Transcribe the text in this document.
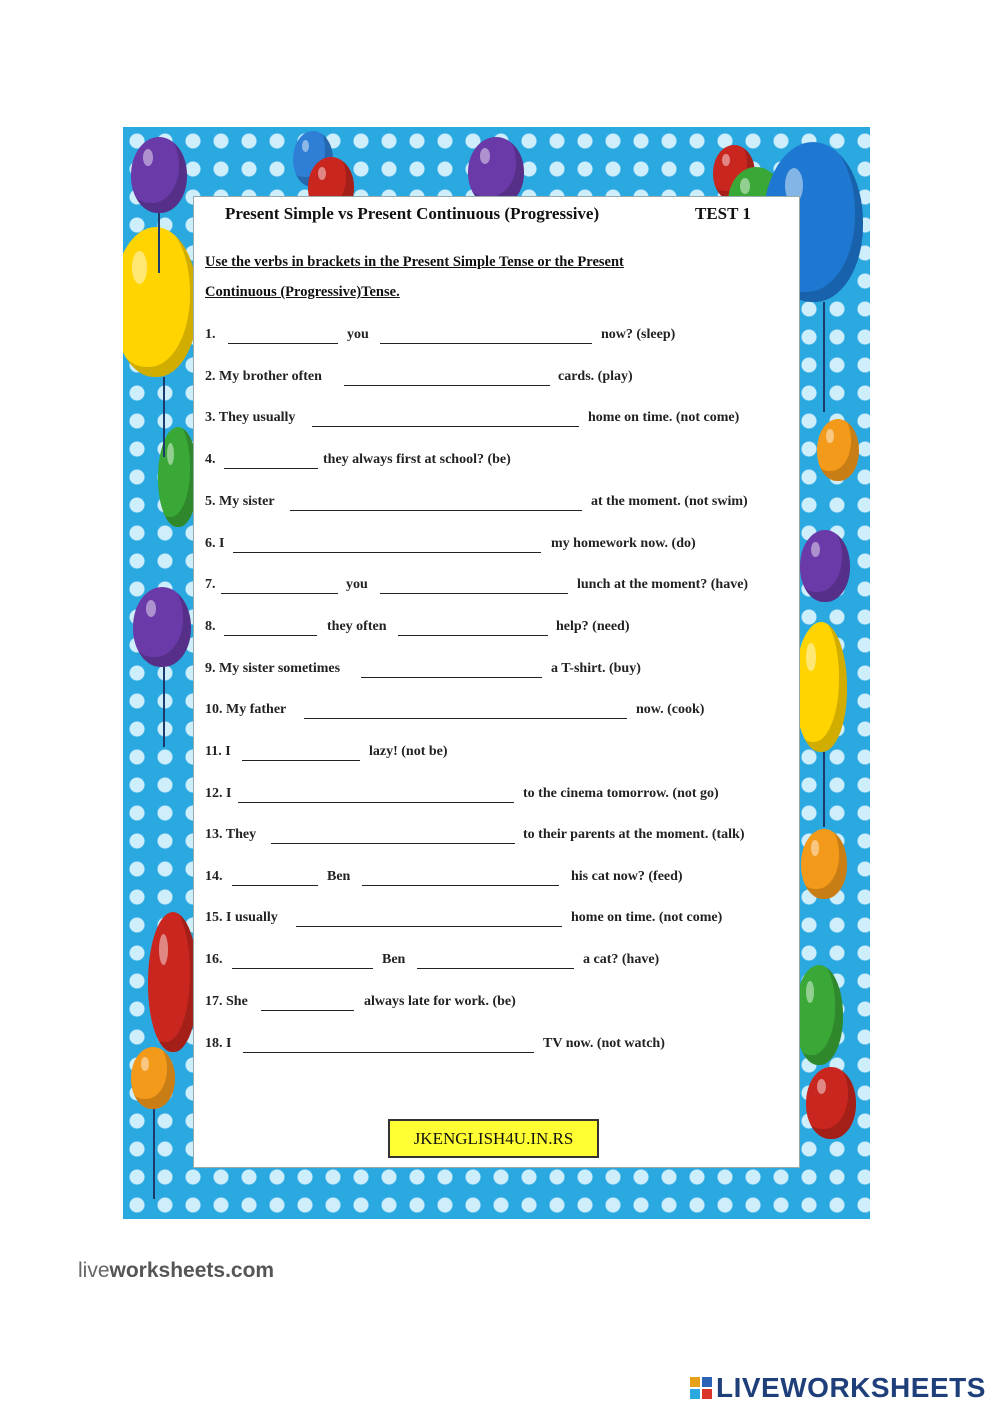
Present Simple vs Present Continuous (Progressive)	TEST 1
Use the verbs in brackets in the Present Simple Tense or the Present
Continuous (Progressive)Tense.
1.	you	now? (sleep)
2. My brother often	cards. (play)
3. They usually	home on time. (not come)
4.	they always first at school? (be)
5. My sister	at the moment. (not swim)
6. I	my homework now. (do)
7.	you	lunch at the moment? (have)
8.	they often	help? (need)
9. My sister sometimes	a T-shirt. (buy)
10. My father	now. (cook)
11. I	lazy! (not be)
12. I	to the cinema tomorrow. (not go)
13. They	to their parents at the moment. (talk)
14.	Ben	his cat now? (feed)
15. I usually	home on time. (not come)
16.	Ben	a cat? (have)
17. She	always late for work. (be)
18. I	TV now. (not watch)
JKENGLISH4U.IN.RS
liveworksheets.com
LIVEWORKSHEETS
